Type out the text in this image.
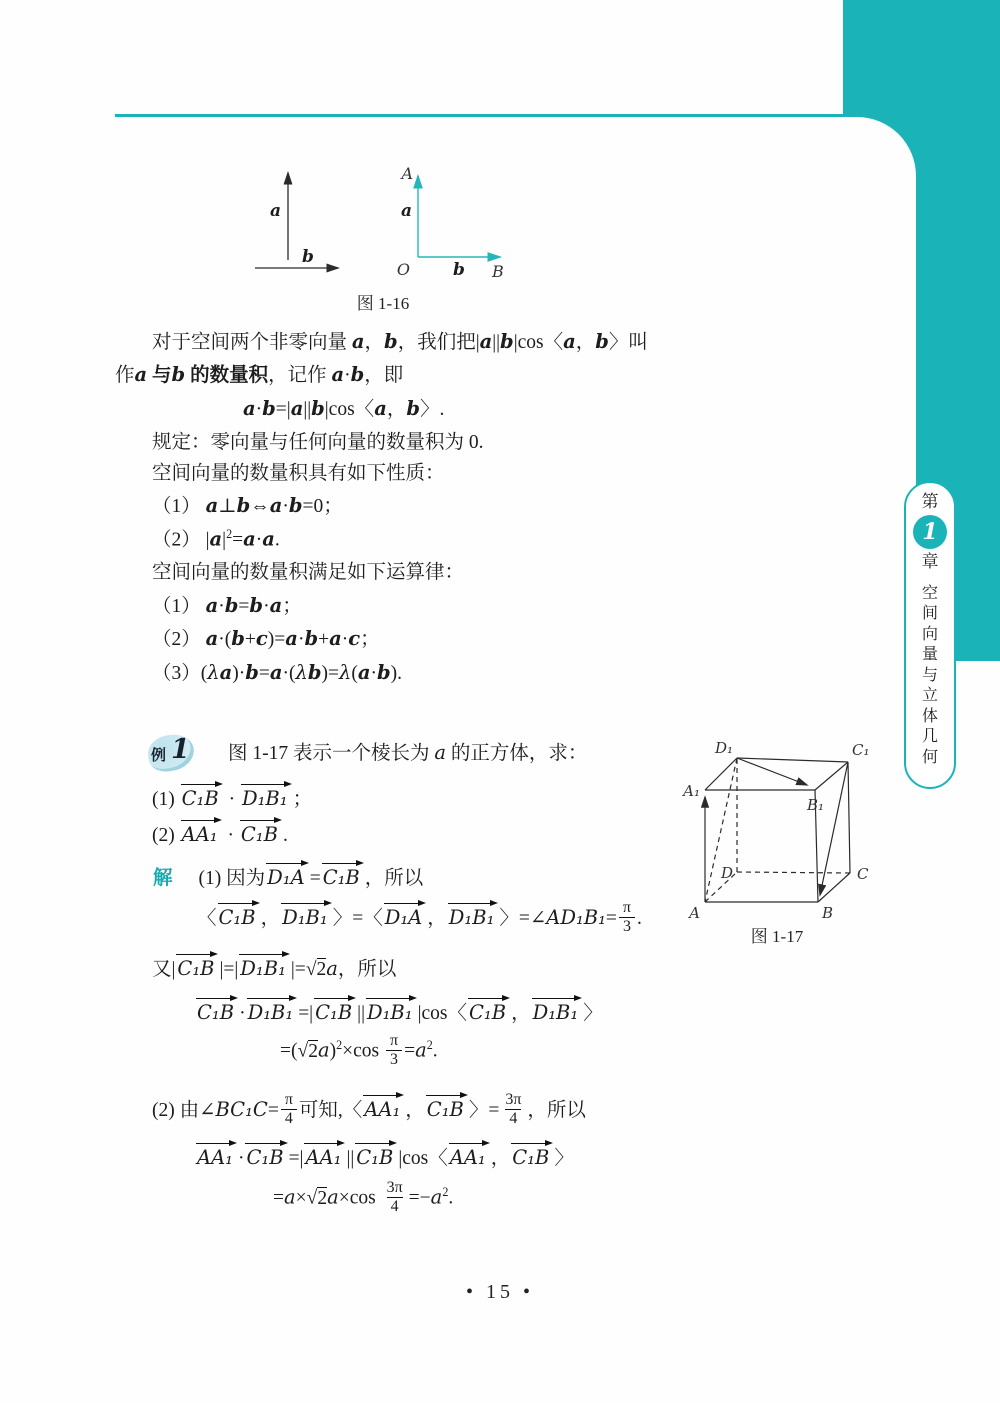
第
1
章
空间向量与立体几何
a
b
A
a
O	b B
图 1-16
对于空间两个非零向量 a，b，我们把|a||b|cos〈a，b〉叫
作a 与b 的数量积，记作 a·b，即
a·b=|a||b|cos〈a，b〉.
规定：零向量与任何向量的数量积为 0.
空间向量的数量积具有如下性质：
（1） a⊥b⇔a·b=0；
（2） $|a|^2=a\cdot a$.
空间向量的数量积满足如下运算律：
（1） a·b=b·a；
（2） a·(b+c)=a·b+a·c；
（3）(λa)·b=a·(λb)=λ(a·b).
例 1 图 1-17 表示一个棱长为 a 的正方体，求：
(1) C₁B · D₁B₁ ；
(2) AA₁ · C₁B .
解 (1) 因为 D₁A = C₁B ，所以
〈 C₁B ， D₁B₁ 〉=〈 D₁A ， D₁B₁ 〉=∠AD₁B₁= $\frac{\pi}{3}$ .
又| C₁B |=| D₁B₁ |=√2a，所以
C₁B · D₁B₁ =| C₁B || D₁B₁ |cos〈 C₁B ， D₁B₁ 〉
$=(√2a)^2\times\cos \frac{\pi}{3} =a^2$.
(2) 由∠BC₁C= $\frac{\pi}{4}$ 可知,〈 AA₁ ， C₁B 〉= $\frac{3\pi}{4}$ ，所以
AA₁ · C₁B =| AA₁ || C₁B |cos〈 AA₁ ， C₁B 〉
$=a\times√2a\times\cos \frac{3\pi}{4} =-a^2$.
D₁	C₁
A₁
B₁
D	C
A	B
图 1-17
• 15 •
